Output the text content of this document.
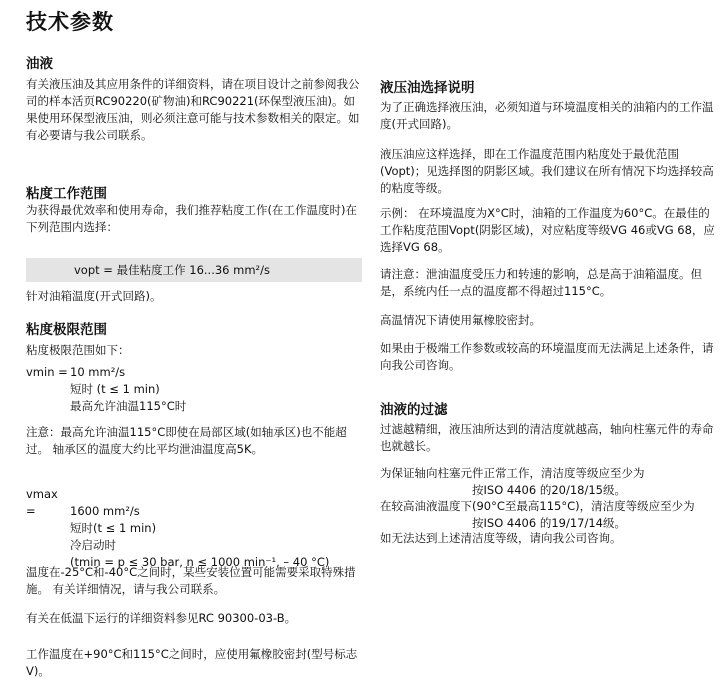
技术参数
油液
有关液压油及其应用条件的详细资料，请在项目设计之前参阅我公司的样本活页RC90220(矿物油)和RC90221(环保型液压油)。如果使用环保型液压油，则必须注意可能与技术参数相关的限定。如有必要请与我公司联系。
粘度工作范围
为获得最优效率和使用寿命，我们推荐粘度工作(在工作温度时)在下列范围内选择：
vopt = 最佳粘度工作 16...36 mm²/s
针对油箱温度(开式回路)。
粘度极限范围
粘度极限范围如下：
vmin = 10 mm²/s
短时 (t ≤ 1 min)
最高允许油温115°C时
注意：最高允许油温115°C即使在局部区域(如轴承区)也不能超过。 轴承区的温度大约比平均泄油温度高5K。
vmax =	1600 mm²/s
短时(t ≤ 1 min)
冷启动时
(tmin = p ≤ 30 bar, n ≤ 1000 min⁻¹, – 40 °C)
温度在-25°C和-40°C之间时，某些安装位置可能需要采取特殊措施。 有关详细情况，请与我公司联系。
有关在低温下运行的详细资料参见RC 90300-03-B。
工作温度在+90°C和115°C之间时，应使用氟橡胶密封(型号标志V)。
液压油选择说明
为了正确选择液压油，必须知道与环境温度相关的油箱内的工作温度(开式回路)。
液压油应这样选择，即在工作温度范围内粘度处于最优范围(Vopt)；见选择图的阴影区域。我们建议在所有情况下均选择较高的粘度等级。
示例： 在环境温度为X°C时，油箱的工作温度为60°C。在最佳的工作粘度范围Vopt(阴影区域)，对应粘度等级VG 46或VG 68，应选择VG 68。
请注意：泄油温度受压力和转速的影响，总是高于油箱温度。但是，系统内任一点的温度都不得超过115°C。
高温情况下请使用氟橡胶密封。
如果由于极端工作参数或较高的环境温度而无法满足上述条件，请向我公司咨询。
油液的过滤
过滤越精细，液压油所达到的清洁度就越高，轴向柱塞元件的寿命也就越长。
为保证轴向柱塞元件正常工作，清洁度等级应至少为
按ISO 4406 的20/18/15级。
在较高油液温度下(90°C至最高115°C)，清洁度等级应至少为
按ISO 4406 的19/17/14级。
如无法达到上述清洁度等级，请向我公司咨询。
